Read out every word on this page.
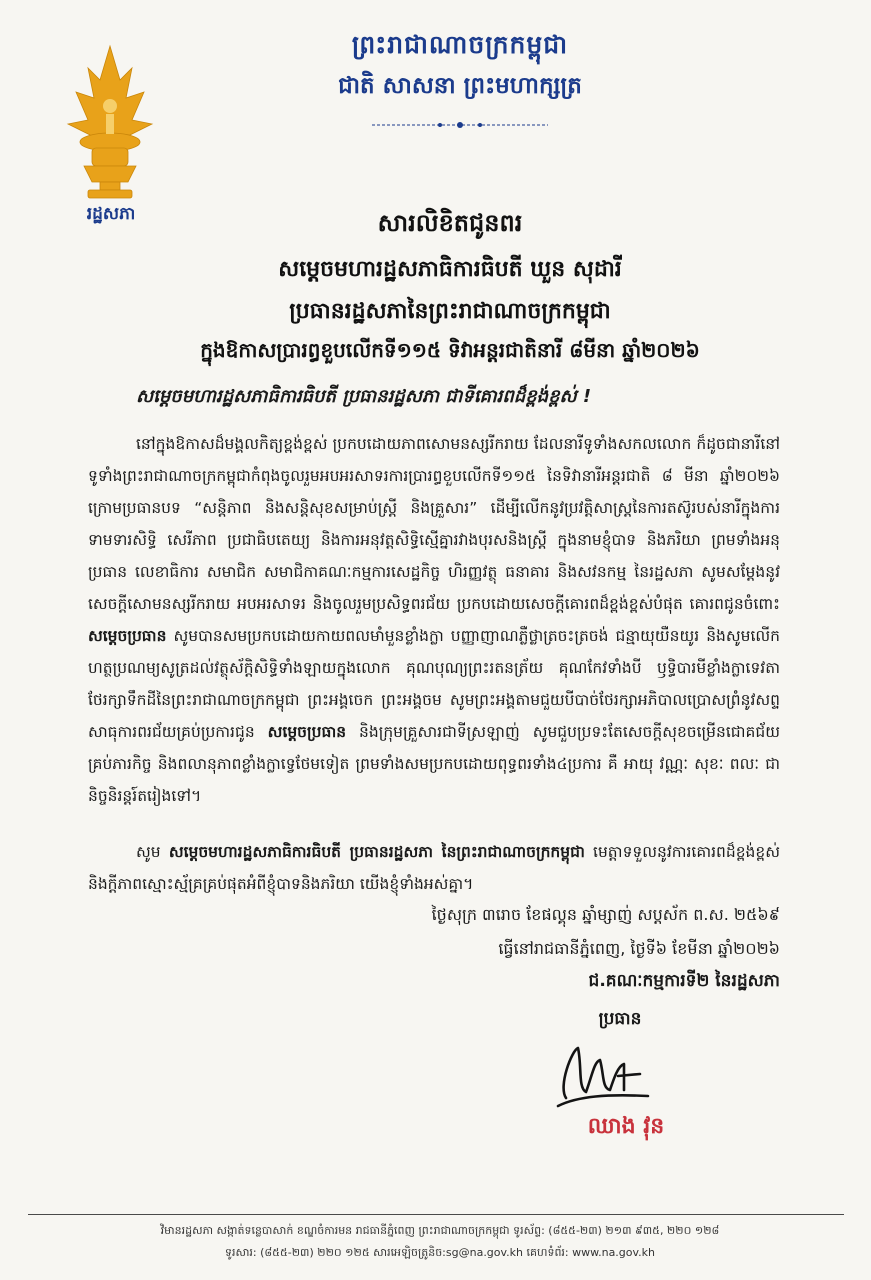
រដ្ឋសភា
ព្រះរាជាណាចក្រកម្ពុជា
ជាតិ សាសនា ព្រះមហាក្សត្រ
សារលិខិតជូនពរ
សម្តេចមហារដ្ឋសភាធិការធិបតី ឃួន សុដារី
ប្រធានរដ្ឋសភានៃព្រះរាជាណាចក្រកម្ពុជា
ក្នុងឱកាសប្រារព្ធខួបលើកទី១១៥ ទិវាអន្តរជាតិនារី ៨មីនា ឆ្នាំ២០២៦
សម្តេចមហារដ្ឋសភាធិការធិបតី ប្រធានរដ្ឋសភា ជាទីគោរពដ៏ខ្ពង់ខ្ពស់ !
នៅក្នុងឱកាសដ៏មង្គលកិត្យខ្ពង់ខ្ពស់ ប្រកបដោយភាពសោមនស្សរីករាយ ដែលនារីទូទាំងសកលលោក ក៏ដូចជានារីនៅទូទាំងព្រះរាជាណាចក្រកម្ពុជាកំពុងចូលរួមអបអរសាទរការប្រារព្ធខួបលើកទី១១៥ នៃទិវានារីអន្តរជាតិ ៨ មីនា ឆ្នាំ២០២៦ ក្រោមប្រធានបទ “សន្តិភាព និងសន្តិសុខសម្រាប់ស្ត្រី និងគ្រួសារ” ដើម្បីលើកនូវប្រវត្តិសាស្ត្រនៃការតស៊ូរបស់នារីក្នុងការទាមទារសិទ្ធិ សេរីភាព ប្រជាធិបតេយ្យ និងការអនុវត្តសិទ្ធិស្មើគ្នារវាងបុរសនិងស្ត្រី ក្នុងនាមខ្ញុំបាទ និងភរិយា ព្រមទាំងអនុប្រធាន លេខាធិការ សមាជិក សមាជិកាគណៈកម្មការសេដ្ឋកិច្ច ហិរញ្ញវត្ថុ ធនាគារ និងសវនកម្ម នៃរដ្ឋសភា សូមសម្តែងនូវសេចក្តីសោមនស្សរីករាយ អបអរសាទរ និងចូលរួមប្រសិទ្ធពរជ័យ ប្រកបដោយសេចក្តីគោរពដ៏ខ្ពង់ខ្ពស់បំផុត គោរពជូនចំពោះ សម្តេចប្រធាន សូមបានសមប្រកបដោយកាយពលមាំមួនខ្លាំងក្លា បញ្ញាញាណភ្លឺថ្លាត្រចះត្រចង់ ជន្មាយុយឺនយូរ និងសូមលើកហត្ថប្រណម្យសូត្រដល់វត្ថុស័ក្តិសិទ្ធិទាំងឡាយក្នុងលោក គុណបុណ្យព្រះរតនត្រ័យ គុណកែវទាំងបី ឫទ្ធិបារមីខ្លាំងក្លាទេវតាថែរក្សាទឹកដីនៃព្រះរាជាណាចក្រកម្ពុជា ព្រះអង្គចេក ព្រះអង្គចម សូមព្រះអង្គតាមជួយបីបាច់ថែរក្សាអភិបាលប្រោសព្រំនូវសព្ទសាធុការពរជ័យគ្រប់ប្រការជូន សម្តេចប្រធាន និងក្រុមគ្រួសារជាទីស្រឡាញ់ សូមជួបប្រទះតែសេចក្តីសុខចម្រើនជោគជ័យគ្រប់ភារកិច្ច និងពលានុភាពខ្លាំងក្លាទ្វេថែមទៀត ព្រមទាំងសមប្រកបដោយពុទ្ធពរទាំង៤ប្រការ គឺ អាយុ វណ្ណៈ សុខៈ ពលៈ ជានិច្ចនិរន្តរ៍តរៀងទៅ។
សូម សម្តេចមហារដ្ឋសភាធិការធិបតី ប្រធានរដ្ឋសភា នៃព្រះរាជាណាចក្រកម្ពុជា មេត្តាទទួលនូវការគោរពដ៏ខ្ពង់ខ្ពស់ និងក្តីភាពស្មោះស្ម័គ្រគ្រប់ផុតអំពីខ្ញុំបាទនិងភរិយា យើងខ្ញុំទាំងអស់គ្នា។
ថ្ងៃសុក្រ ៣រោច ខែផល្គុន ឆ្នាំម្សាញ់ សប្តស័ក ព.ស. ២៥៦៩
ធ្វើនៅរាជធានីភ្នំពេញ, ថ្ងៃទី៦ ខែមីនា ឆ្នាំ២០២៦
ជ.គណៈកម្មការទី២ នៃរដ្ឋសភា
ប្រធាន
ឈាង វុន
វិមានរដ្ឋសភា សង្កាត់ទន្លេបាសាក់ ខណ្ឌចំការមន រាជធានីភ្នំពេញ ព្រះរាជាណាចក្រកម្ពុជា ទូរស័ព្ទ: (៨៥៥-២៣) ២១៣ ៩៣៥, ២២០ ១២៨
ទូរសារ: (៨៥៥-២៣) ២២០ ១២៥ សារអេឡិចត្រូនិច:sg@na.gov.kh គេហទំព័រ: www.na.gov.kh
